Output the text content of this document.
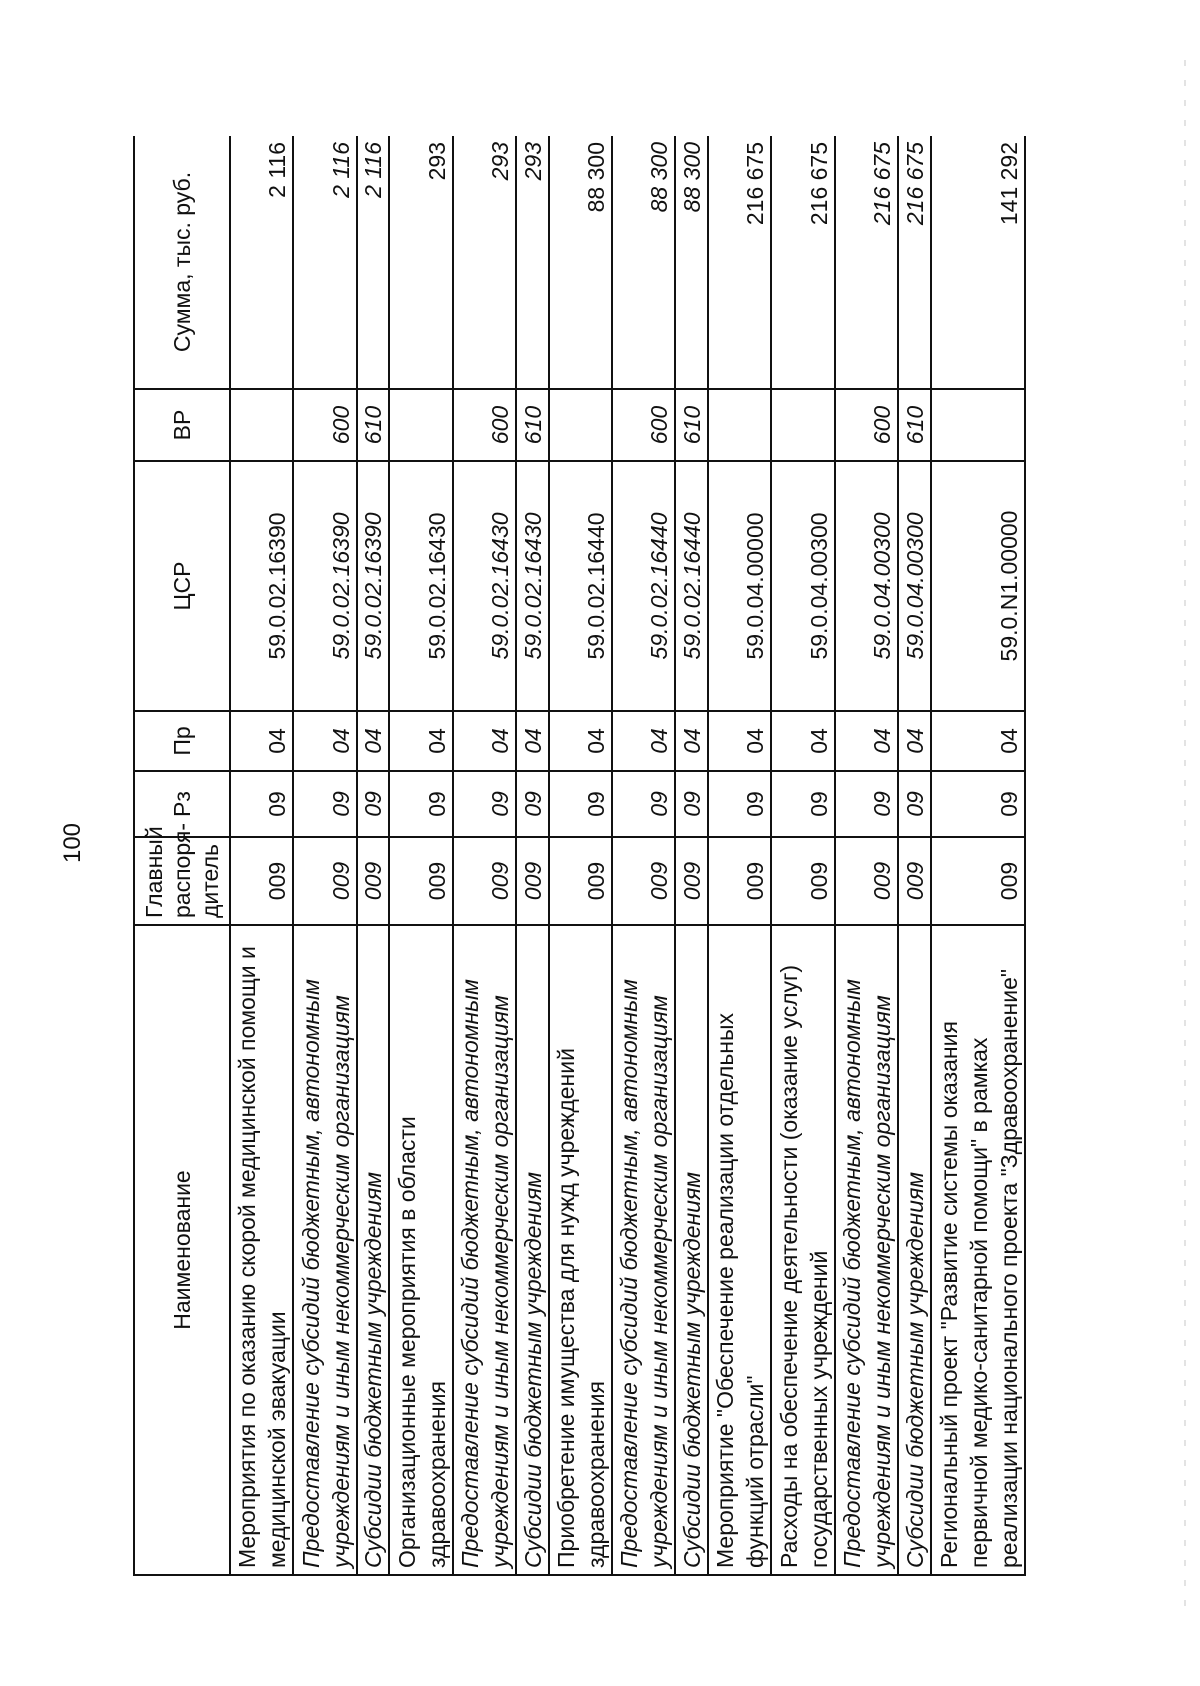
100
Наименование	Главный распоря- дитель	Рз	Пр	ЦСР	ВР	Сумма, тыс. руб.
Мероприятия по оказанию скорой медицинской помощи и медицинской эвакуации	009	09	04	59.0.02.16390		2 116
Предоставление субсидий бюджетным, автономным учреждениям и иным некоммерческим организациям	009	09	04	59.0.02.16390	600	2 116
Субсидии бюджетным учреждениям	009	09	04	59.0.02.16390	610	2 116
Организационные мероприятия в области здравоохранения	009	09	04	59.0.02.16430		293
Предоставление субсидий бюджетным, автономным учреждениям и иным некоммерческим организациям	009	09	04	59.0.02.16430	600	293
Субсидии бюджетным учреждениям	009	09	04	59.0.02.16430	610	293
Приобретение имущества для нужд учреждений здравоохранения	009	09	04	59.0.02.16440		88 300
Предоставление субсидий бюджетным, автономным учреждениям и иным некоммерческим организациям	009	09	04	59.0.02.16440	600	88 300
Субсидии бюджетным учреждениям	009	09	04	59.0.02.16440	610	88 300
Мероприятие "Обеспечение реализации отдельных функций отрасли"	009	09	04	59.0.04.00000		216 675
Расходы на обеспечение деятельности (оказание услуг) государственных учреждений	009	09	04	59.0.04.00300		216 675
Предоставление субсидий бюджетным, автономным учреждениям и иным некоммерческим организациям	009	09	04	59.0.04.00300	600	216 675
Субсидии бюджетным учреждениям	009	09	04	59.0.04.00300	610	216 675
Региональный проект "Развитие системы оказания первичной медико-санитарной помощи" в рамках реализации национального проекта "Здравоохранение"	009	09	04	59.0.N1.00000		141 292
